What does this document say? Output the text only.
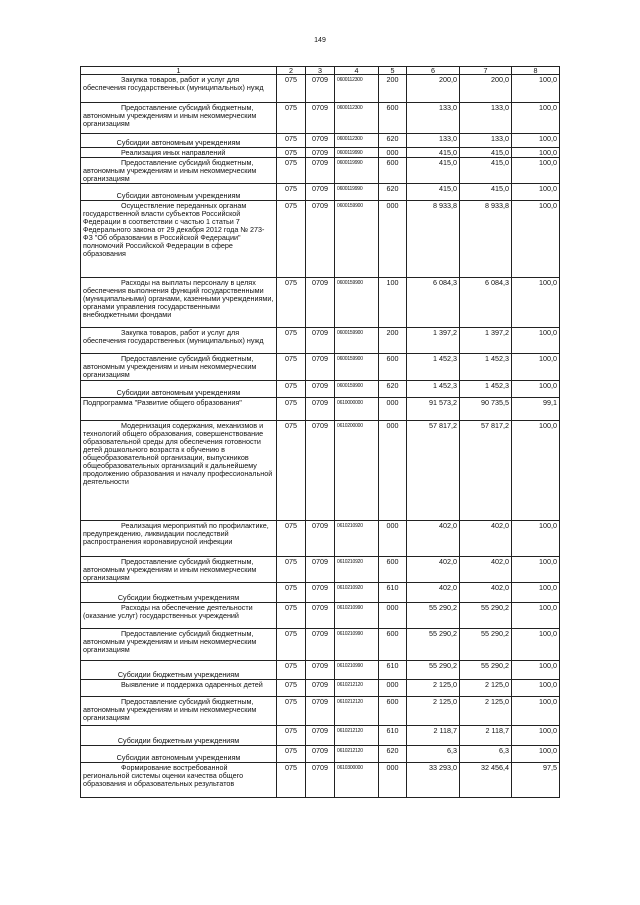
149
1	2	3	4	5	6	7	8
Закупка товаров, работ и услуг для обеспечения государственных (муниципальных) нужд	075	0709	0600112300	200	200,0	200,0	100,0
Предоставление субсидий бюджетным, автономным учреждениям и иным некоммерческим организациям	075	0709	0600112300	600	133,0	133,0	100,0
Субсидии автономным учреждениям	075	0709	0600112300	620	133,0	133,0	100,0
Реализация иных направлений	075	0709	0600119990	000	415,0	415,0	100,0
Предоставление субсидий бюджетным, автономным учреждениям и иным некоммерческим организациям	075	0709	0600119990	600	415,0	415,0	100,0
Субсидии автономным учреждениям	075	0709	0600119990	620	415,0	415,0	100,0
Осуществление переданных органам государственной власти субъектов Российской Федерации в соответствии с частью 1 статьи 7 Федерального закона от 29 декабря 2012 года № 273-ФЗ "Об образовании в Российской Федерации" полномочий Российской Федерации в сфере образования	075	0709	0600159900	000	8 933,8	8 933,8	100,0
Расходы на выплаты персоналу в целях обеспечения выполнения функций государственными (муниципальными) органами, казенными учреждениями, органами управления государственными внебюджетными фондами	075	0709	0600159900	100	6 084,3	6 084,3	100,0
Закупка товаров, работ и услуг для обеспечения государственных (муниципальных) нужд	075	0709	0600159900	200	1 397,2	1 397,2	100,0
Предоставление субсидий бюджетным, автономным учреждениям и иным некоммерческим организациям	075	0709	0600159900	600	1 452,3	1 452,3	100,0
Субсидии автономным учреждениям	075	0709	0600159900	620	1 452,3	1 452,3	100,0
Подпрограмма "Развитие общего образования"	075	0709	0610000000	000	91 573,2	90 735,5	99,1
Модернизация содержания, механизмов и технологий общего образования, совершенствование образовательной среды для обеспечения готовности детей дошкольного возраста к обучению в общеобразовательной организации, выпускников общеобразовательных организаций к дальнейшему продолжению образования и началу профессиональной деятельности	075	0709	0610200000	000	57 817,2	57 817,2	100,0
Реализация мероприятий по профилактике, предупреждению, ликвидации последствий распространения коронавирусной инфекции	075	0709	0610210920	000	402,0	402,0	100,0
Предоставление субсидий бюджетным, автономным учреждениям и иным некоммерческим организациям	075	0709	0610210920	600	402,0	402,0	100,0
Субсидии бюджетным учреждениям	075	0709	0610210920	610	402,0	402,0	100,0
Расходы на обеспечение деятельности (оказание услуг) государственных учреждений	075	0709	0610210990	000	55 290,2	55 290,2	100,0
Предоставление субсидий бюджетным, автономным учреждениям и иным некоммерческим организациям	075	0709	0610210990	600	55 290,2	55 290,2	100,0
Субсидии бюджетным учреждениям	075	0709	0610210990	610	55 290,2	55 290,2	100,0
Выявление и поддержка одаренных детей	075	0709	0610212120	000	2 125,0	2 125,0	100,0
Предоставление субсидий бюджетным, автономным учреждениям и иным некоммерческим организациям	075	0709	0610212120	600	2 125,0	2 125,0	100,0
Субсидии бюджетным учреждениям	075	0709	0610212120	610	2 118,7	2 118,7	100,0
Субсидии автономным учреждениям	075	0709	0610212120	620	6,3	6,3	100,0
Формирование востребованной региональной системы оценки качества общего образования и образовательных результатов	075	0709	0610300000	000	33 293,0	32 456,4	97,5
